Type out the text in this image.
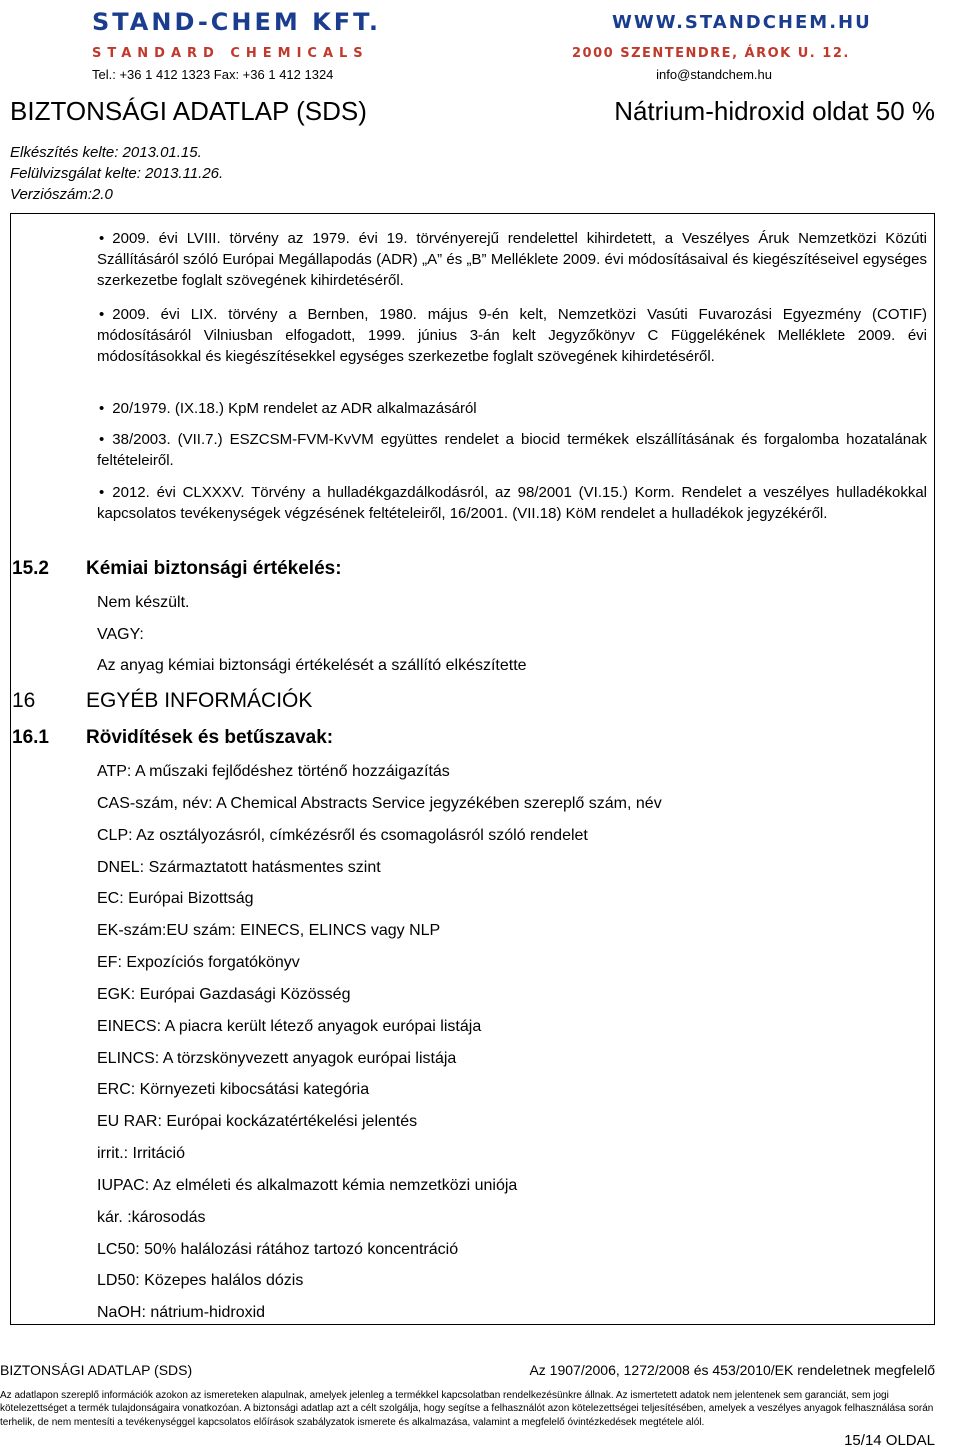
STAND-CHEM KFT.	WWW.STANDCHEM.HU
STANDARD CHEMICALS	2000 SZENTENDRE, ÁROK U. 12.
Tel.: +36 1 412 1323 Fax: +36 1 412 1324	info@standchem.hu
BIZTONSÁGI ADATLAP (SDS)	Nátrium-hidroxid oldat 50 %
Elkészítés kelte: 2013.01.15.
Felülvizsgálat kelte: 2013.11.26.
Verziószám:2.0
• 2009. évi LVIII. törvény az 1979. évi 19. törvényerejű rendelettel kihirdetett, a Veszélyes Áruk Nemzetközi Közúti Szállításáról szóló Európai Megállapodás (ADR) „A” és „B” Melléklete 2009. évi módosításaival és kiegészítéseivel egységes szerkezetbe foglalt szövegének kihirdetéséről.
• 2009. évi LIX. törvény a Bernben, 1980. május 9-én kelt, Nemzetközi Vasúti Fuvarozási Egyezmény (COTIF) módosításáról Vilniusban elfogadott, 1999. június 3-án kelt Jegyzőkönyv C Függelékének Melléklete 2009. évi módosításokkal és kiegészítésekkel egységes szerkezetbe foglalt szövegének kihirdetéséről.
• 20/1979. (IX.18.) KpM rendelet az ADR alkalmazásáról
• 38/2003. (VII.7.) ESZCSM-FVM-KvVM együttes rendelet a biocid termékek elszállításának és forgalomba hozatalának feltételeiről.
• 2012. évi CLXXXV. Törvény a hulladékgazdálkodásról, az 98/2001 (VI.15.) Korm. Rendelet a veszélyes hulladékokkal kapcsolatos tevékenységek végzésének feltételeiről, 16/2001. (VII.18) KöM rendelet a hulladékok jegyzékéről.
15.2 Kémiai biztonsági értékelés:
Nem készült.
VAGY:
Az anyag kémiai biztonsági értékelését a szállító elkészítette
16 EGYÉB INFORMÁCIÓK
16.1 Rövidítések és betűszavak:
ATP: A műszaki fejlődéshez történő hozzáigazítás
CAS-szám, név: A Chemical Abstracts Service jegyzékében szereplő szám, név
CLP: Az osztályozásról, címkézésről és csomagolásról szóló rendelet
DNEL: Származtatott hatásmentes szint
EC: Európai Bizottság
EK-szám:EU szám: EINECS, ELINCS vagy NLP
EF: Expozíciós forgatókönyv
EGK: Európai Gazdasági Közösség
EINECS: A piacra került létező anyagok európai listája
ELINCS: A törzskönyvezett anyagok európai listája
ERC: Környezeti kibocsátási kategória
EU RAR: Európai kockázatértékelési jelentés
irrit.: Irritáció
IUPAC: Az elméleti és alkalmazott kémia nemzetközi uniója
kár. :károsodás
LC50: 50% halálozási rátához tartozó koncentráció
LD50: Közepes halálos dózis
NaOH: nátrium-hidroxid
BIZTONSÁGI ADATLAP (SDS)	Az 1907/2006, 1272/2008 és 453/2010/EK rendeletnek megfelelő
Az adatlapon szereplő információk azokon az ismereteken alapulnak, amelyek jelenleg a termékkel kapcsolatban rendelkezésünkre állnak. Az ismertetett adatok nem jelentenek sem garanciát, sem jogi
kötelezettséget a termék tulajdonságaira vonatkozóan. A biztonsági adatlap azt a célt szolgálja, hogy segítse a felhasználót azon kötelezettségei teljesítésében, amelyek a veszélyes anyagok felhasználása során
terhelik, de nem mentesíti a tevékenységgel kapcsolatos előírások szabályzatok ismerete és alkalmazása, valamint a megfelelő óvintézkedések megtétele alól.
15/14 OLDAL
